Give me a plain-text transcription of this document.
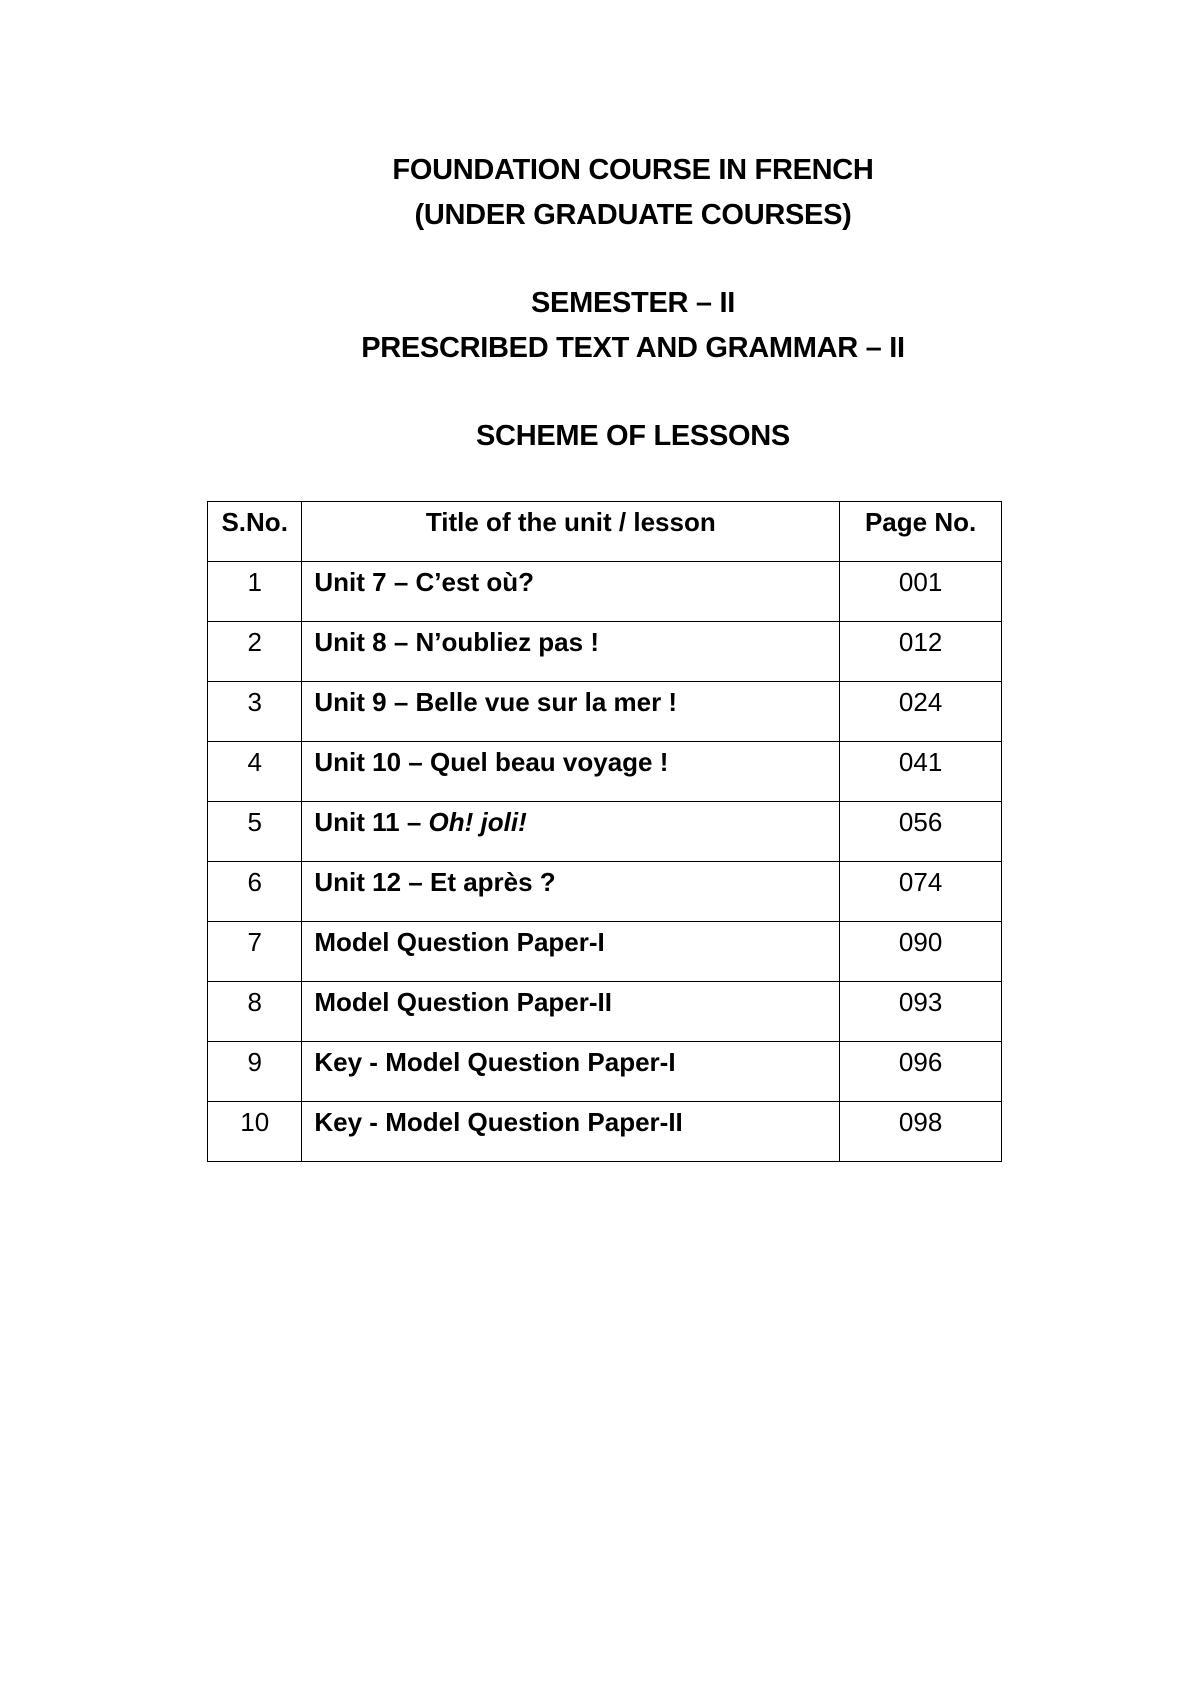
FOUNDATION COURSE IN FRENCH
(UNDER GRADUATE COURSES)
SEMESTER – II
PRESCRIBED TEXT AND GRAMMAR – II
SCHEME OF LESSONS
S.No.	Title of the unit / lesson	Page No.
1	Unit 7 – C’est où?	001
2	Unit 8 – N’oubliez pas !	012
3	Unit 9 – Belle vue sur la mer !	024
4	Unit 10 – Quel beau voyage !	041
5	Unit 11 – Oh! joli!	056
6	Unit 12 – Et après ?	074
7	Model Question Paper-I	090
8	Model Question Paper-II	093
9	Key - Model Question Paper-I	096
10	Key - Model Question Paper-II	098
